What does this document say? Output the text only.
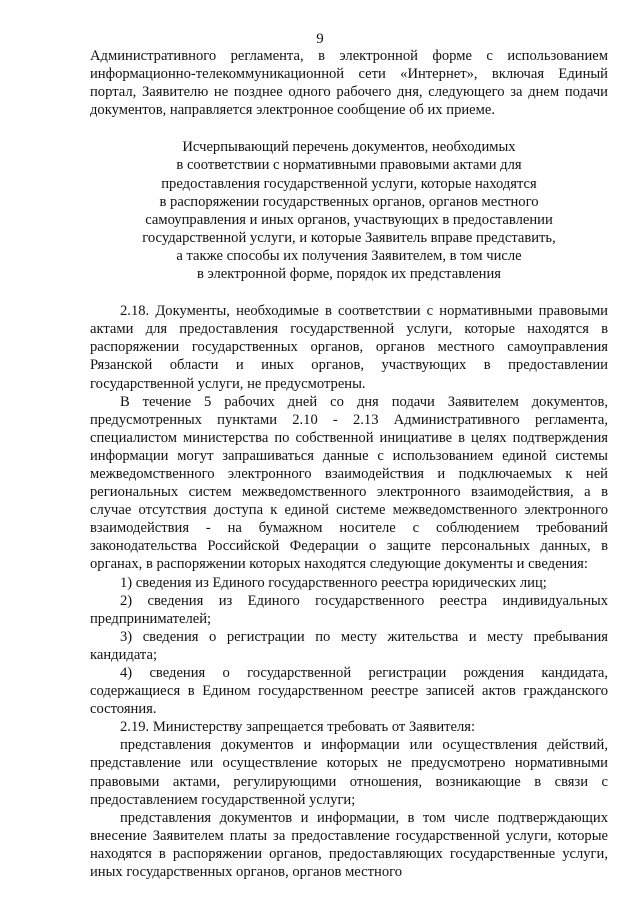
9

Административного регламента, в электронной форме с использованием информационно-телекоммуникационной сети «Интернет», включая Единый портал, Заявителю не позднее одного рабочего дня, следующего за днем подачи документов, направляется электронное сообщение об их приеме.

Исчерпывающий перечень документов, необходимых
в соответствии с нормативными правовыми актами для
предоставления государственной услуги, которые находятся
в распоряжении государственных органов, органов местного
самоуправления и иных органов, участвующих в предоставлении
государственной услуги, и которые Заявитель вправе представить,
а также способы их получения Заявителем, в том числе
в электронной форме, порядок их представления

2.18. Документы, необходимые в соответствии с нормативными правовыми актами для предоставления государственной услуги, которые находятся в распоряжении государственных органов, органов местного самоуправления Рязанской области и иных органов, участвующих в предоставлении государственной услуги, не предусмотрены.

В течение 5 рабочих дней со дня подачи Заявителем документов, предусмотренных пунктами 2.10 - 2.13 Административного регламента, специалистом министерства по собственной инициативе в целях подтверждения информации могут запрашиваться данные с использованием единой системы межведомственного электронного взаимодействия и подключаемых к ней региональных систем межведомственного электронного взаимодействия, а в случае отсутствия доступа к единой системе межведомственного электронного взаимодействия - на бумажном носителе с соблюдением требований законодательства Российской Федерации о защите персональных данных, в органах, в распоряжении которых находятся следующие документы и сведения:

1) сведения из Единого государственного реестра юридических лиц;

2) сведения из Единого государственного реестра индивидуальных предпринимателей;

3) сведения о регистрации по месту жительства и месту пребывания кандидата;

4) сведения о государственной регистрации рождения кандидата, содержащиеся в Едином государственном реестре записей актов гражданского состояния.

2.19. Министерству запрещается требовать от Заявителя:

представления документов и информации или осуществления действий, представление или осуществление которых не предусмотрено нормативными правовыми актами, регулирующими отношения, возникающие в связи с предоставлением государственной услуги;

представления документов и информации, в том числе подтверждающих внесение Заявителем платы за предоставление государственной услуги, которые находятся в распоряжении органов, предоставляющих государственные услуги, иных государственных органов, органов местного
